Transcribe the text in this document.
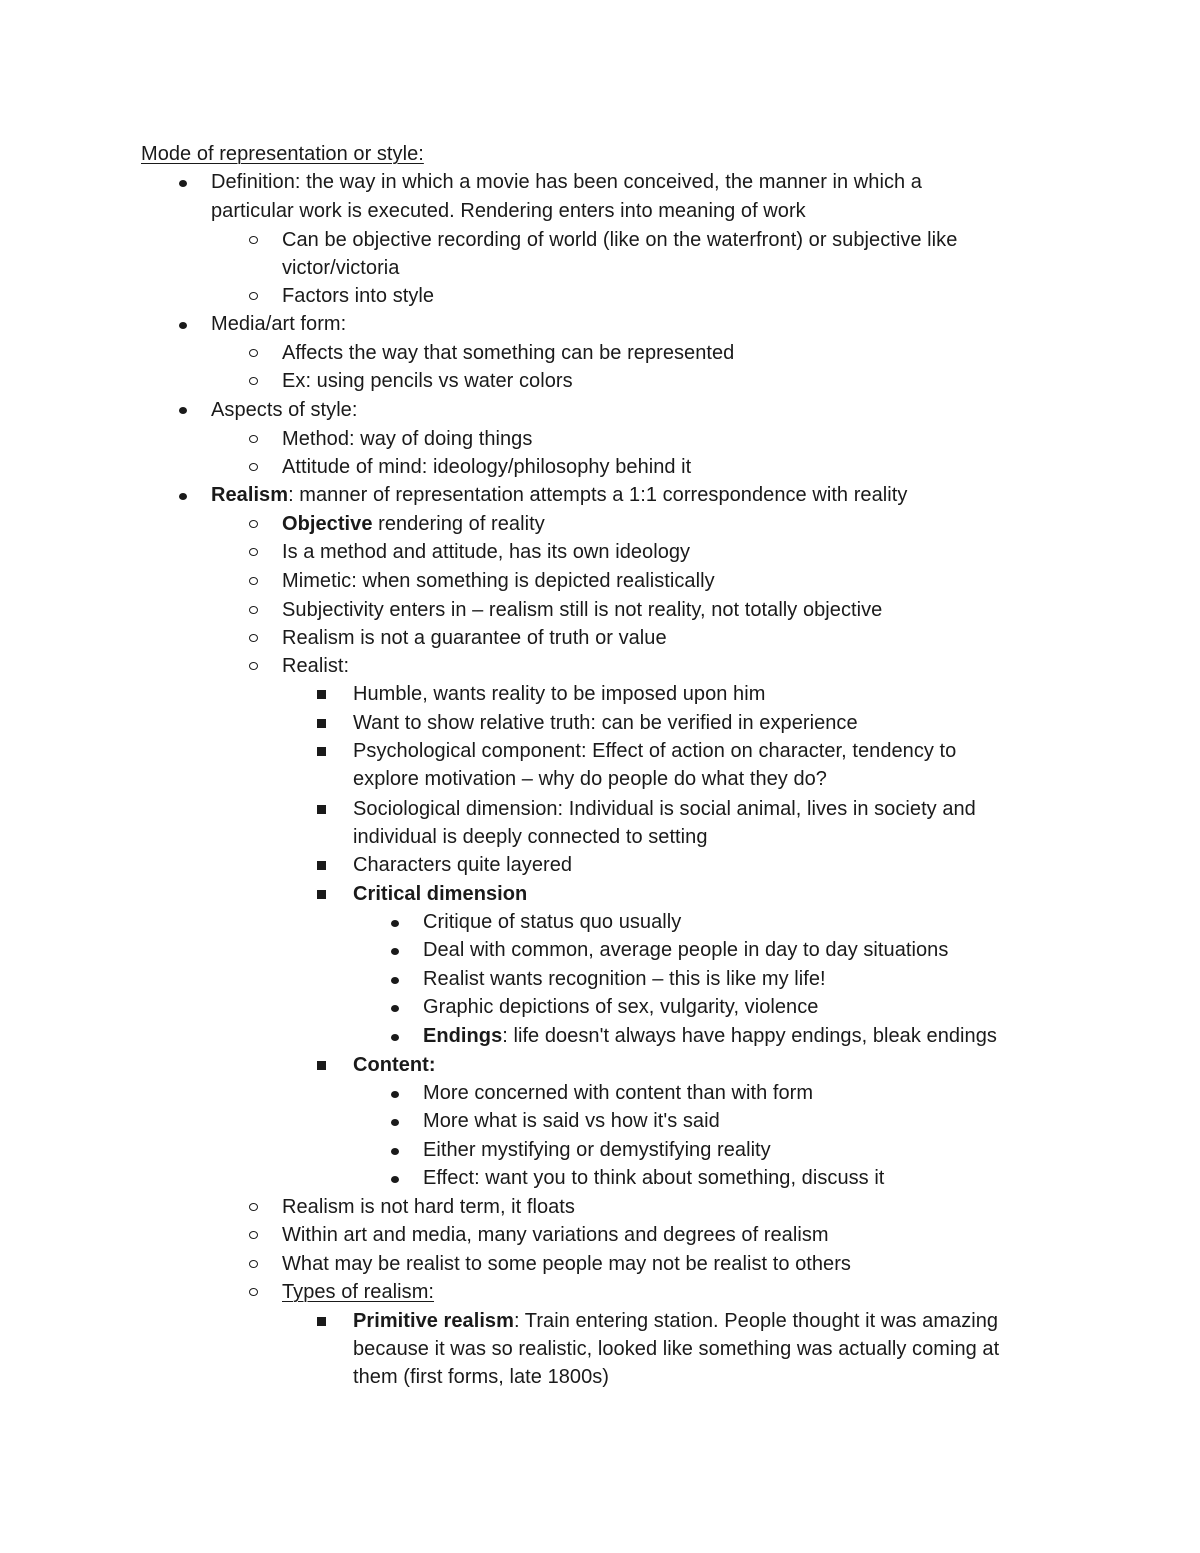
Mode of representation or style:
Definition: the way in which a movie has been conceived, the manner in which a
particular work is executed. Rendering enters into meaning of work
Can be objective recording of world (like on the waterfront) or subjective like
victor/victoria
Factors into style
Media/art form:
Affects the way that something can be represented
Ex: using pencils vs water colors
Aspects of style:
Method: way of doing things
Attitude of mind: ideology/philosophy behind it
Realism: manner of representation attempts a 1:1 correspondence with reality
Objective rendering of reality
Is a method and attitude, has its own ideology
Mimetic: when something is depicted realistically
Subjectivity enters in – realism still is not reality, not totally objective
Realism is not a guarantee of truth or value
Realist:
Humble, wants reality to be imposed upon him
Want to show relative truth: can be verified in experience
Psychological component: Effect of action on character, tendency to
explore motivation – why do people do what they do?
Sociological dimension: Individual is social animal, lives in society and
individual is deeply connected to setting
Characters quite layered
Critical dimension
Critique of status quo usually
Deal with common, average people in day to day situations
Realist wants recognition – this is like my life!
Graphic depictions of sex, vulgarity, violence
Endings: life doesn't always have happy endings, bleak endings
Content:
More concerned with content than with form
More what is said vs how it's said
Either mystifying or demystifying reality
Effect: want you to think about something, discuss it
Realism is not hard term, it floats
Within art and media, many variations and degrees of realism
What may be realist to some people may not be realist to others
Types of realism:
Primitive realism: Train entering station. People thought it was amazing
because it was so realistic, looked like something was actually coming at
them (first forms, late 1800s)
